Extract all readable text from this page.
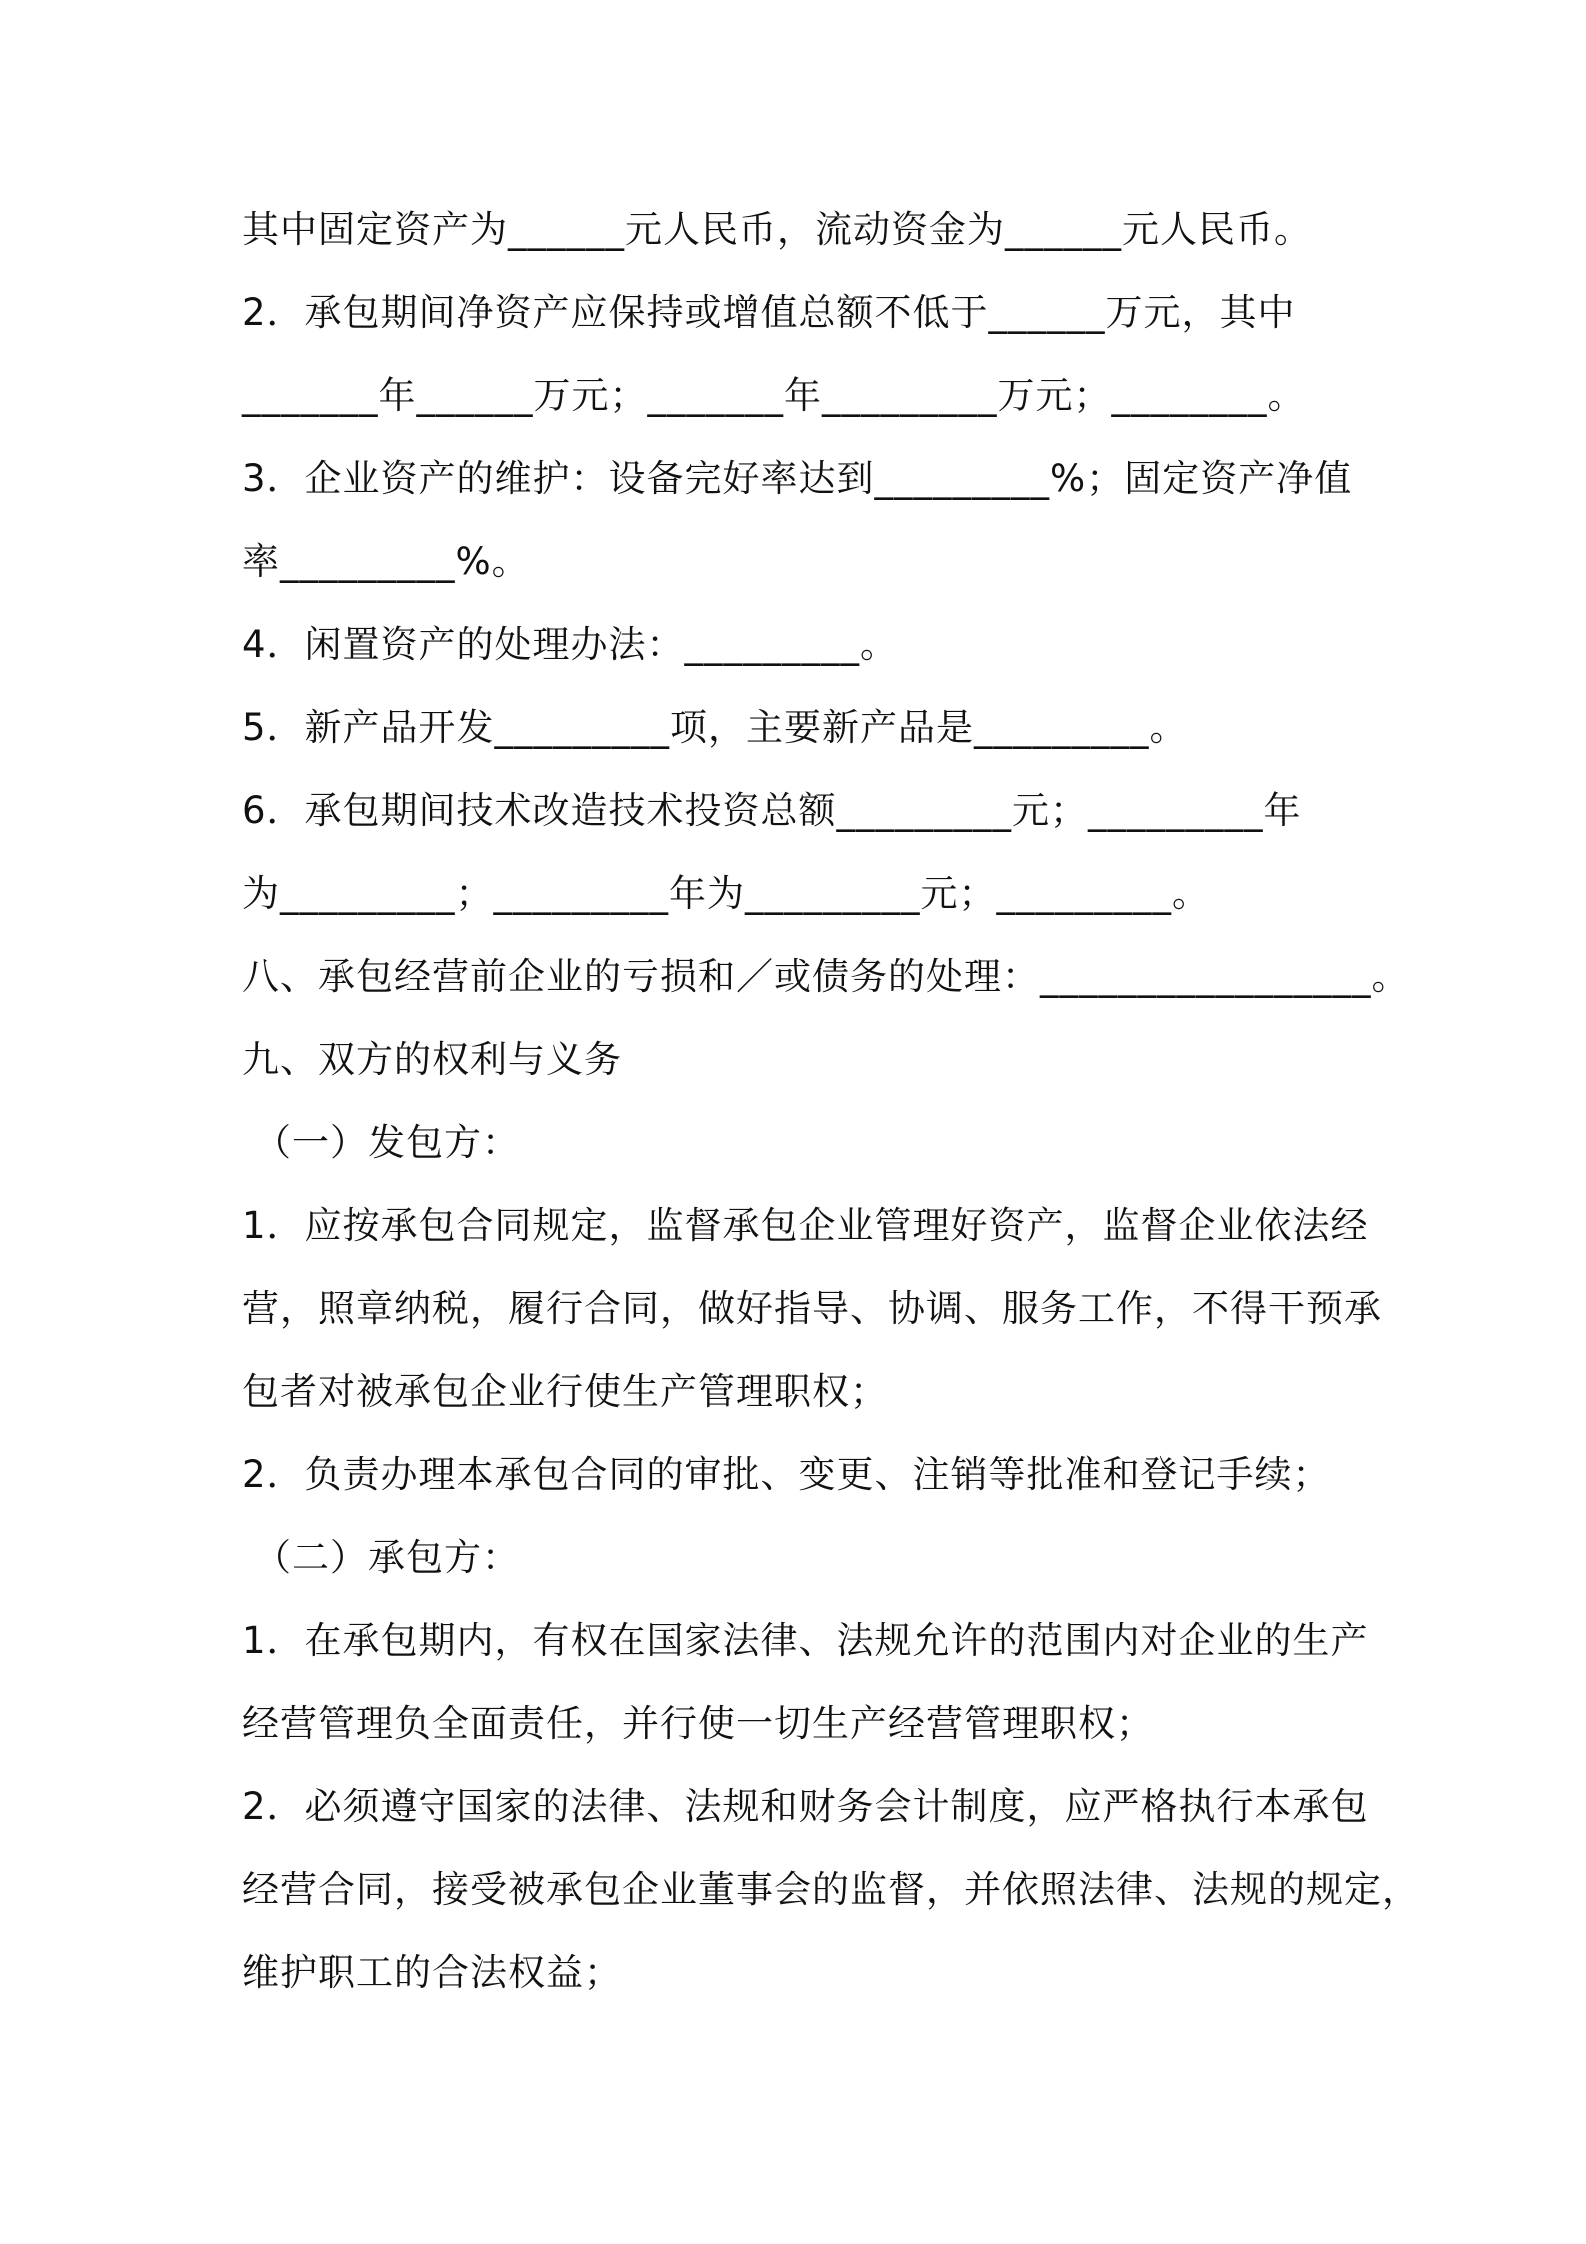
其中固定资产为______元人民币，流动资金为______元人民币。
2．承包期间净资产应保持或增值总额不低于______万元，其中
_______年______万元；_______年_________万元；________。
3．企业资产的维护：设备完好率达到_________%；固定资产净值
率_________%。
4．闲置资产的处理办法：_________。
5．新产品开发_________项，主要新产品是_________。
6．承包期间技术改造技术投资总额_________元；_________年
为_________；_________年为_________元；_________。
八、承包经营前企业的亏损和／或债务的处理：_________________。
九、双方的权利与义务
（一）发包方：
1．应按承包合同规定，监督承包企业管理好资产，监督企业依法经
营，照章纳税，履行合同，做好指导、协调、服务工作，不得干预承
包者对被承包企业行使生产管理职权；
2．负责办理本承包合同的审批、变更、注销等批准和登记手续；
（二）承包方：
1．在承包期内，有权在国家法律、法规允许的范围内对企业的生产
经营管理负全面责任，并行使一切生产经营管理职权；
2．必须遵守国家的法律、法规和财务会计制度，应严格执行本承包
经营合同，接受被承包企业董事会的监督，并依照法律、法规的规定，
维护职工的合法权益；
